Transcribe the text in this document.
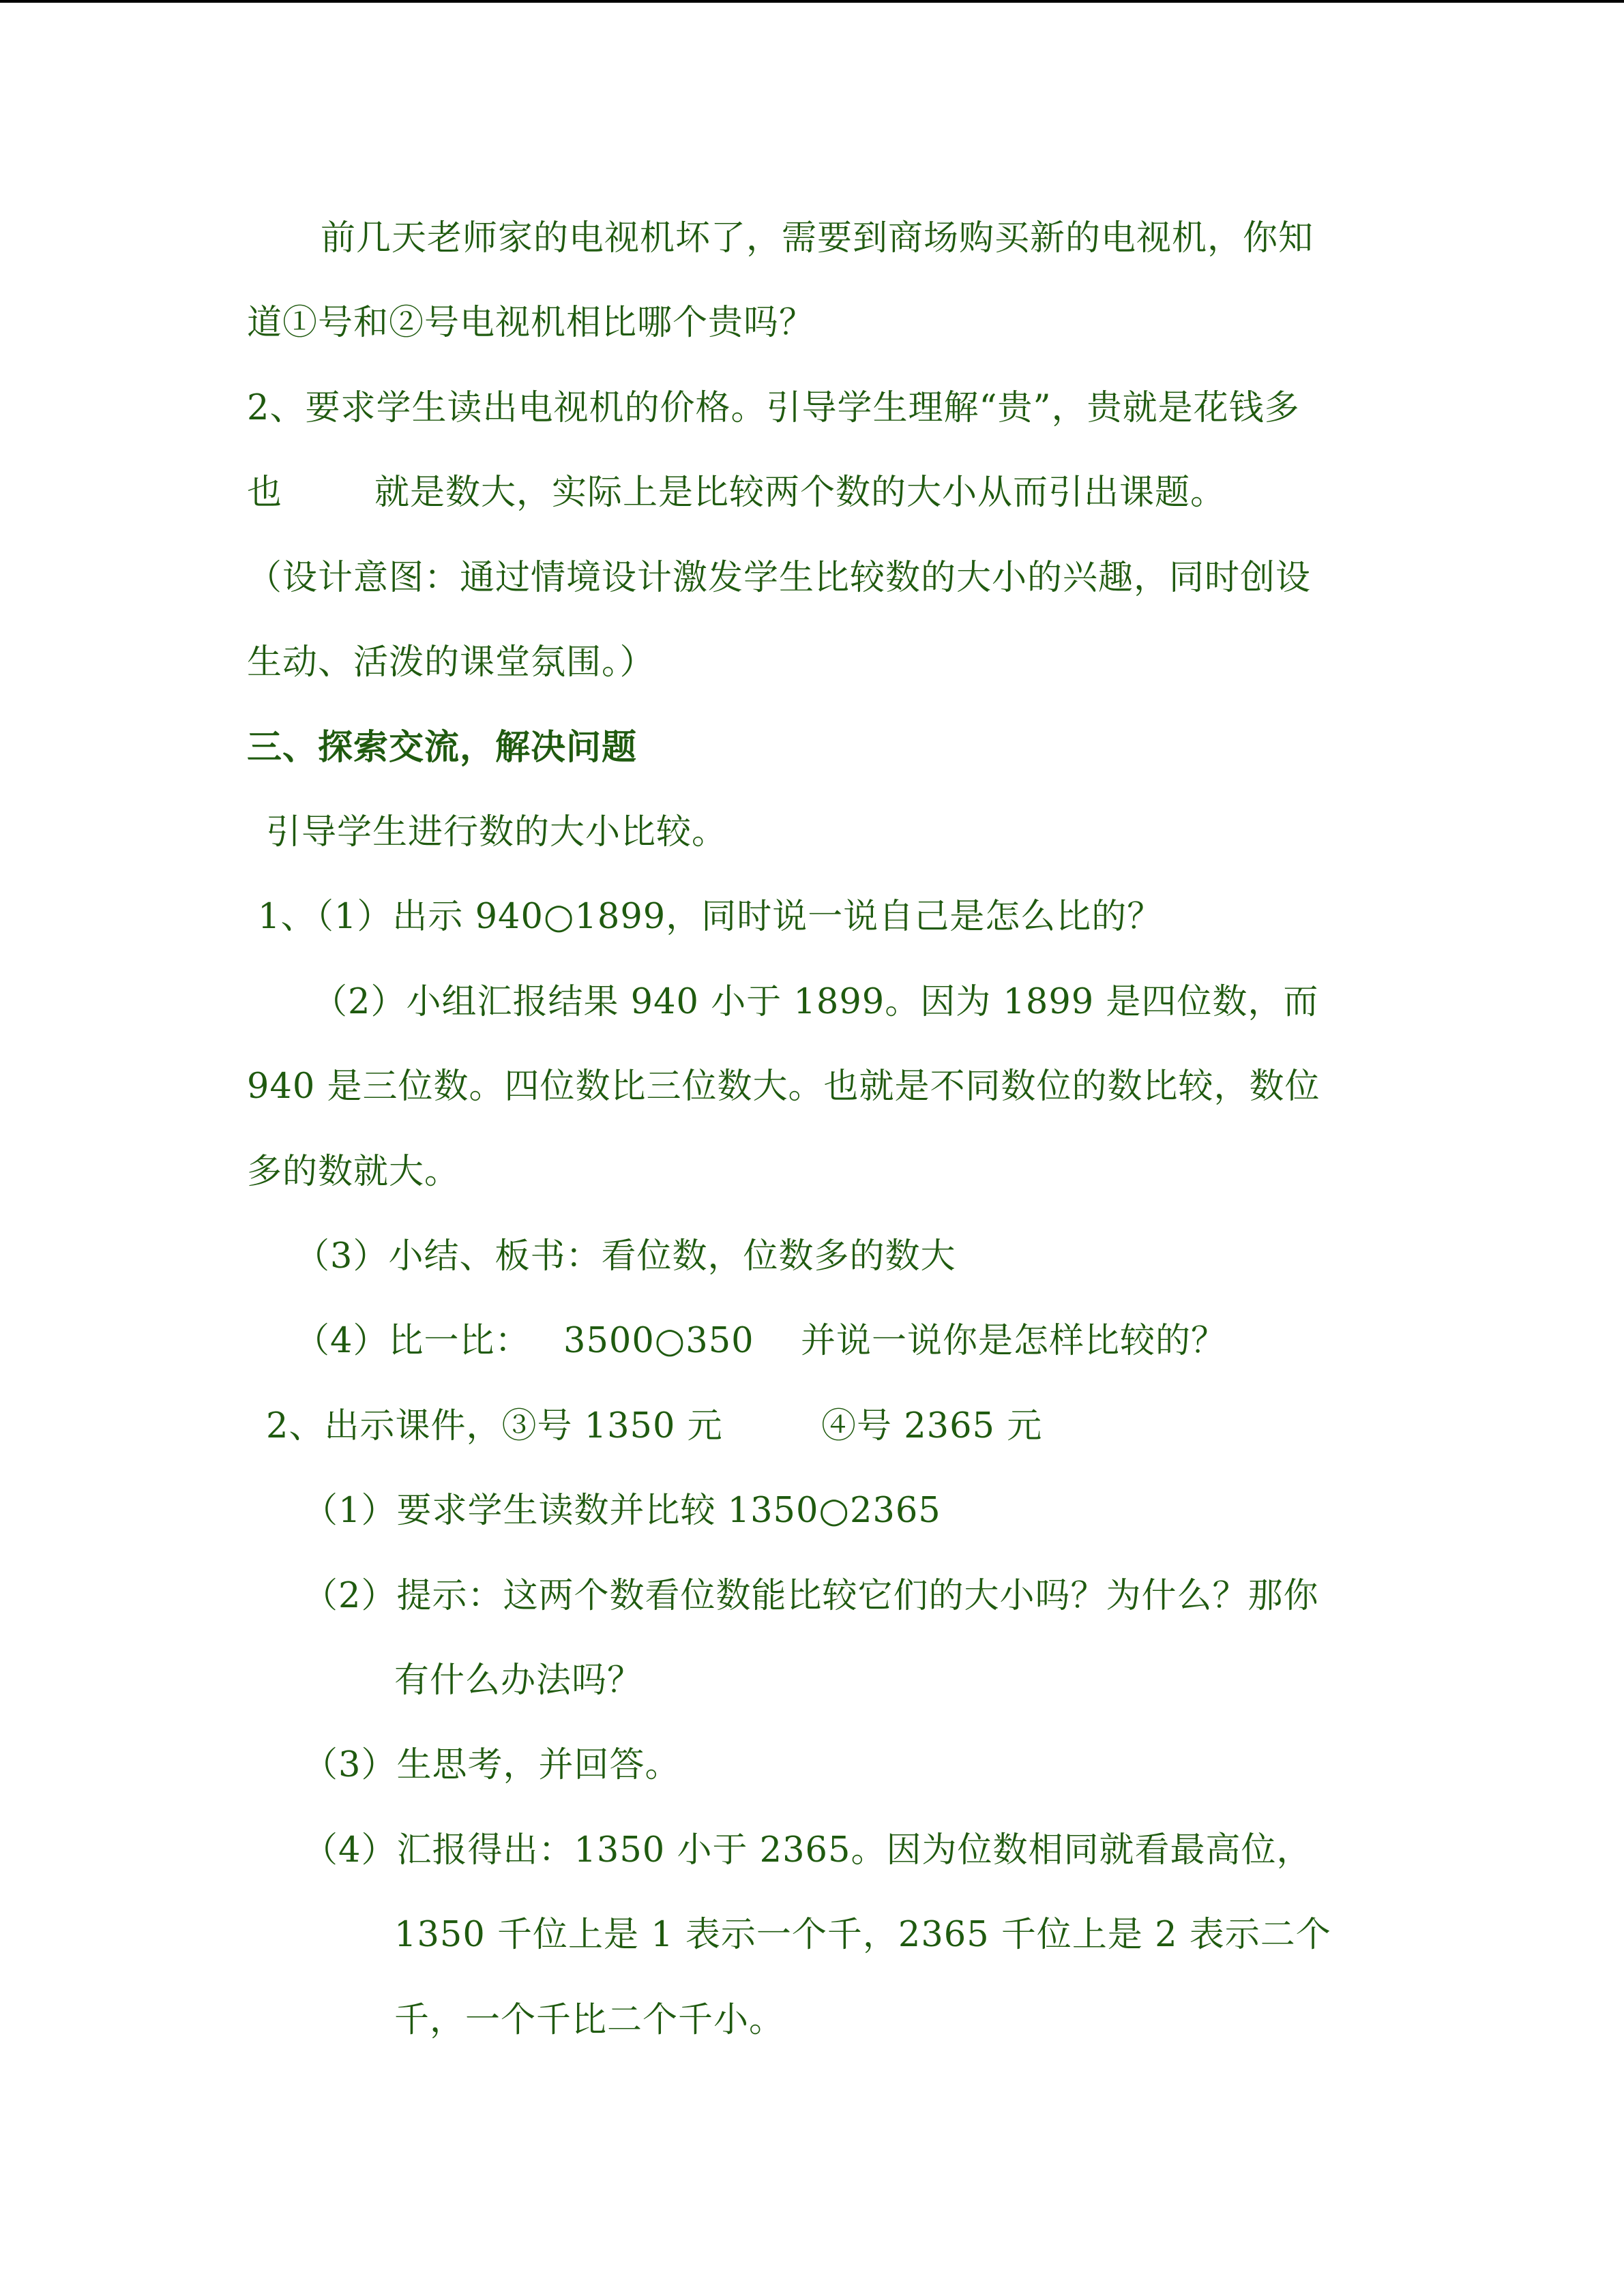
前几天老师家的电视机坏了，需要到商场购买新的电视机，你知
道①号和②号电视机相比哪个贵吗？
2、要求学生读出电视机的价格。引导学生理解“贵”，贵就是花钱多
也	就是数大，实际上是比较两个数的大小从而引出课题。
（设计意图：通过情境设计激发学生比较数的大小的兴趣，同时创设
生动、活泼的课堂氛围。）
三、探索交流，解决问题
引导学生进行数的大小比较。
1、（1）出示 940○1899，同时说一说自己是怎么比的？
（2）小组汇报结果 940 小于 1899。因为 1899 是四位数，而
940 是三位数。四位数比三位数大。也就是不同数位的数比较，数位
多的数就大。
（3）小结、板书：看位数，位数多的数大
（4）比一比： 3500○350 并说一说你是怎样比较的？
2、出示课件，③号 1350 元	④号 2365 元
（1）要求学生读数并比较 1350○2365
（2）提示：这两个数看位数能比较它们的大小吗？为什么？那你
有什么办法吗？
（3）生思考，并回答。
（4）汇报得出：1350 小于 2365。因为位数相同就看最高位，
1350 千位上是 1 表示一个千，2365 千位上是 2 表示二个
千，一个千比二个千小。
